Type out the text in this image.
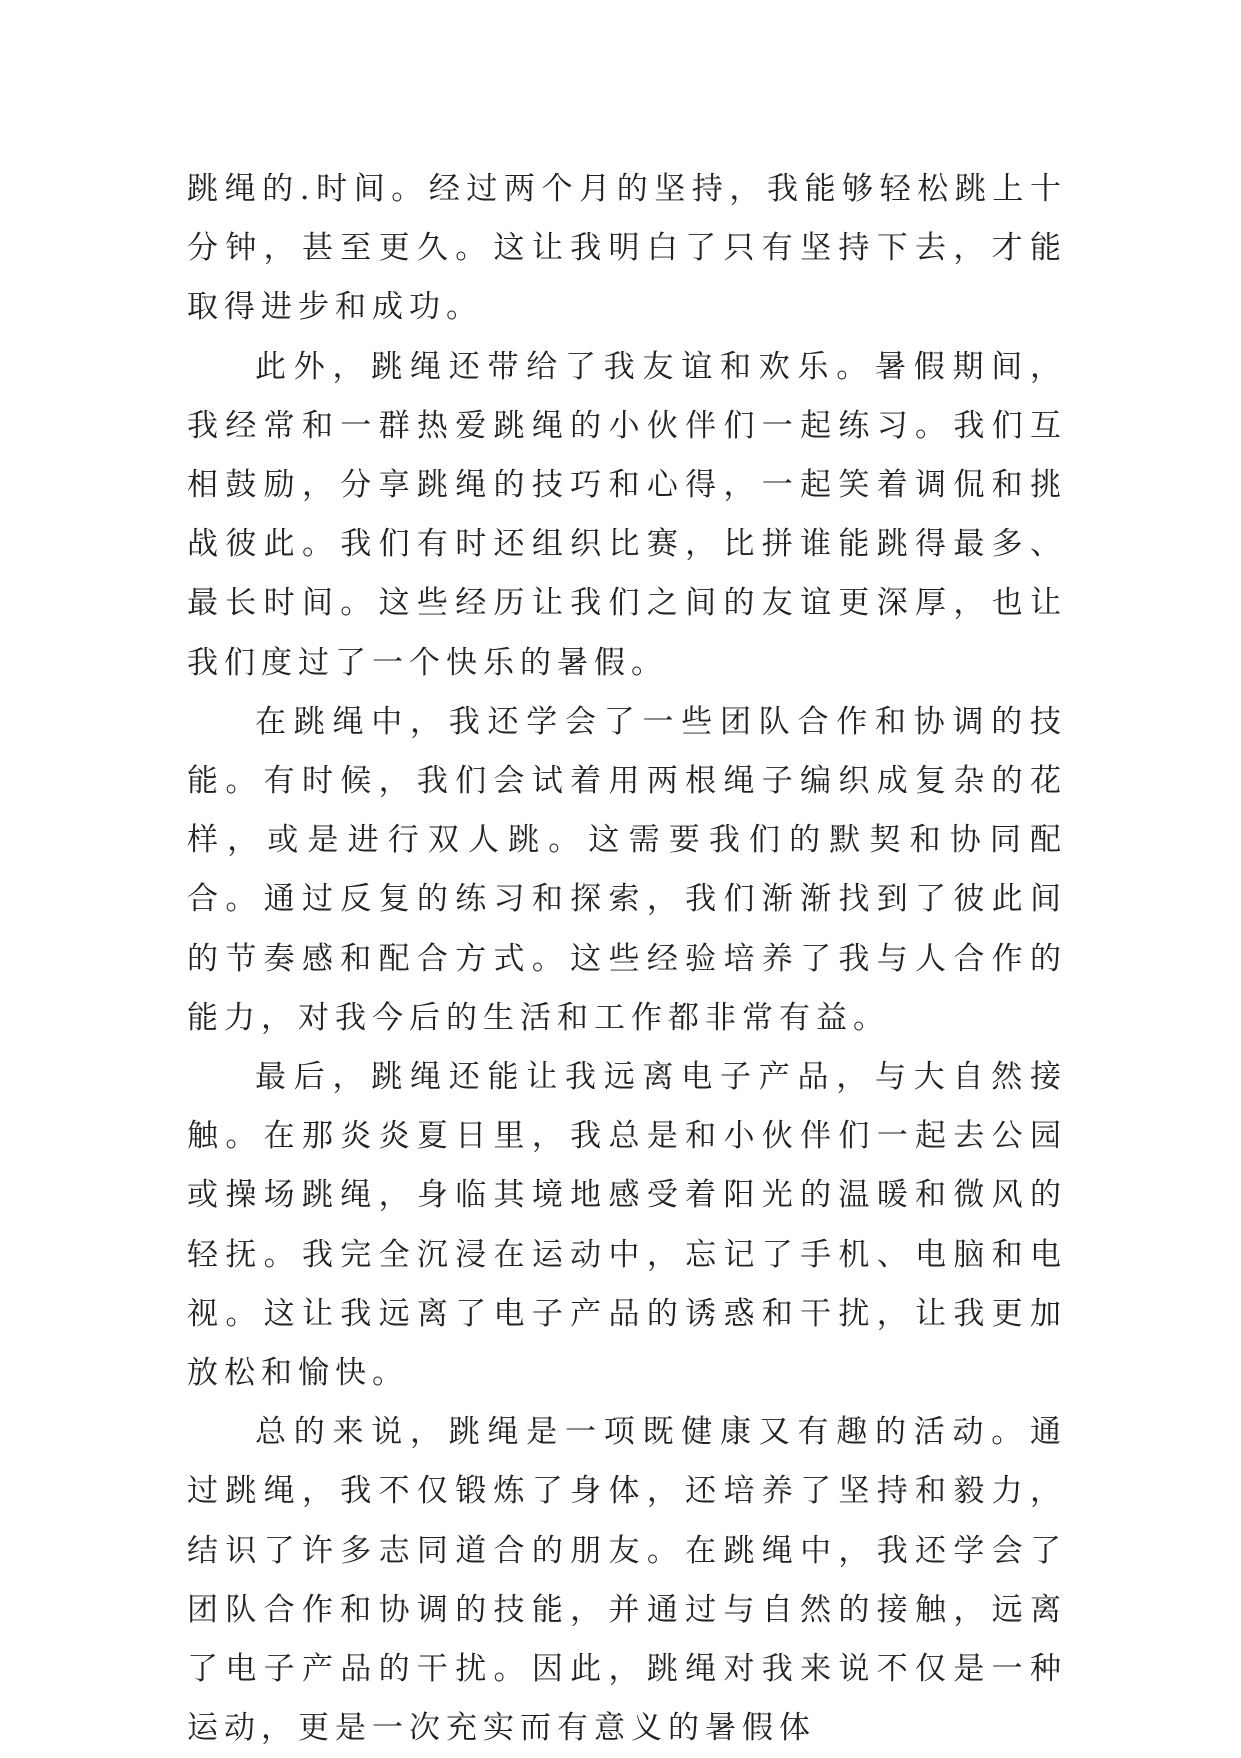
跳绳的.时间。经过两个月的坚持，我能够轻松跳上十分钟，甚至更久。这让我明白了只有坚持下去，才能取得进步和成功。

此外，跳绳还带给了我友谊和欢乐。暑假期间，我经常和一群热爱跳绳的小伙伴们一起练习。我们互相鼓励，分享跳绳的技巧和心得，一起笑着调侃和挑战彼此。我们有时还组织比赛，比拼谁能跳得最多、最长时间。这些经历让我们之间的友谊更深厚，也让我们度过了一个快乐的暑假。

在跳绳中，我还学会了一些团队合作和协调的技能。有时候，我们会试着用两根绳子编织成复杂的花样，或是进行双人跳。这需要我们的默契和协同配合。通过反复的练习和探索，我们渐渐找到了彼此间的节奏感和配合方式。这些经验培养了我与人合作的能力，对我今后的生活和工作都非常有益。

最后，跳绳还能让我远离电子产品，与大自然接触。在那炎炎夏日里，我总是和小伙伴们一起去公园或操场跳绳，身临其境地感受着阳光的温暖和微风的轻抚。我完全沉浸在运动中，忘记了手机、电脑和电视。这让我远离了电子产品的诱惑和干扰，让我更加放松和愉快。

总的来说，跳绳是一项既健康又有趣的活动。通过跳绳，我不仅锻炼了身体，还培养了坚持和毅力，结识了许多志同道合的朋友。在跳绳中，我还学会了团队合作和协调的技能，并通过与自然的接触，远离了电子产品的干扰。因此，跳绳对我来说不仅是一种运动，更是一次充实而有意义的暑假体
